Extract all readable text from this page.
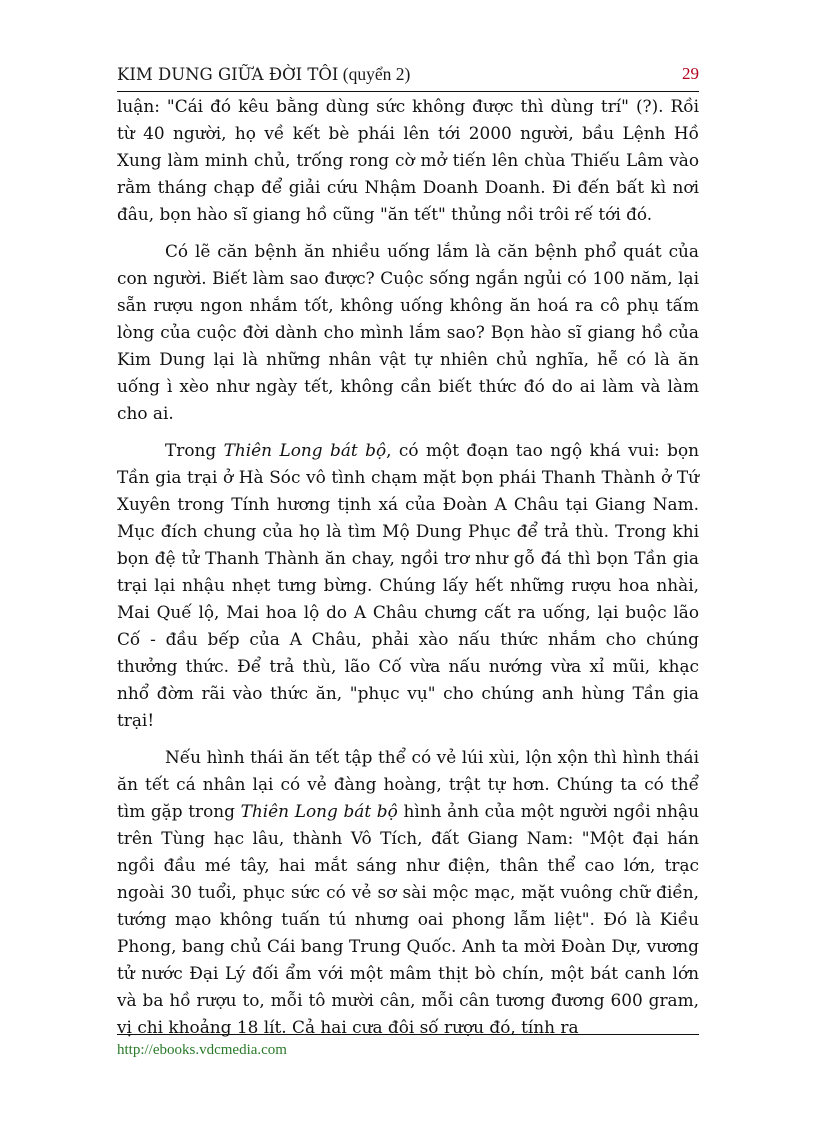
KIM DUNG GIỮA ĐỜI TÔI (quyển 2)	29

luận: "Cái đó kêu bằng dùng sức không được thì dùng trí" (?). Rồi từ 40 người, họ về kết bè phái lên tới 2000 người, bầu Lệnh Hồ Xung làm minh chủ, trống rong cờ mở tiến lên chùa Thiếu Lâm vào rằm tháng chạp để giải cứu Nhậm Doanh Doanh. Đi đến bất kì nơi đâu, bọn hào sĩ giang hồ cũng "ăn tết" thủng nồi trôi rế tới đó.

Có lẽ căn bệnh ăn nhiều uống lắm là căn bệnh phổ quát của con người. Biết làm sao được? Cuộc sống ngắn ngủi có 100 năm, lại sẵn rượu ngon nhắm tốt, không uống không ăn hoá ra cô phụ tấm lòng của cuộc đời dành cho mình lắm sao? Bọn hào sĩ giang hồ của Kim Dung lại là những nhân vật tự nhiên chủ nghĩa, hễ có là ăn uống ì xèo như ngày tết, không cần biết thức đó do ai làm và làm cho ai.

Trong Thiên Long bát bộ, có một đoạn tao ngộ khá vui: bọn Tần gia trại ở Hà Sóc vô tình chạm mặt bọn phái Thanh Thành ở Tứ Xuyên trong Tính hương tịnh xá của Đoàn A Châu tại Giang Nam. Mục đích chung của họ là tìm Mộ Dung Phục để trả thù. Trong khi bọn đệ tử Thanh Thành ăn chay, ngồi trơ như gỗ đá thì bọn Tần gia trại lại nhậu nhẹt tưng bừng. Chúng lấy hết những rượu hoa nhài, Mai Quế lộ, Mai hoa lộ do A Châu chưng cất ra uống, lại buộc lão Cố - đầu bếp của A Châu, phải xào nấu thức nhắm cho chúng thưởng thức. Để trả thù, lão Cố vừa nấu nướng vừa xỉ mũi, khạc nhổ đờm rãi vào thức ăn, "phục vụ" cho chúng anh hùng Tần gia trại!

Nếu hình thái ăn tết tập thể có vẻ lúi xùi, lộn xộn thì hình thái ăn tết cá nhân lại có vẻ đàng hoàng, trật tự hơn. Chúng ta có thể tìm gặp trong Thiên Long bát bộ hình ảnh của một người ngồi nhậu trên Tùng hạc lâu, thành Vô Tích, đất Giang Nam: "Một đại hán ngồi đầu mé tây, hai mắt sáng như điện, thân thể cao lớn, trạc ngoài 30 tuổi, phục sức có vẻ sơ sài mộc mạc, mặt vuông chữ điền, tướng mạo không tuấn tú nhưng oai phong lẫm liệt". Đó là Kiều Phong, bang chủ Cái bang Trung Quốc. Anh ta mời Đoàn Dự, vương tử nước Đại Lý đối ẩm với một mâm thịt bò chín, một bát canh lớn và ba hồ rượu to, mỗi tô mười cân, mỗi cân tương đương 600 gram, vị chi khoảng 18 lít. Cả hai cưa đôi số rượu đó, tính ra

http://ebooks.vdcmedia.com
